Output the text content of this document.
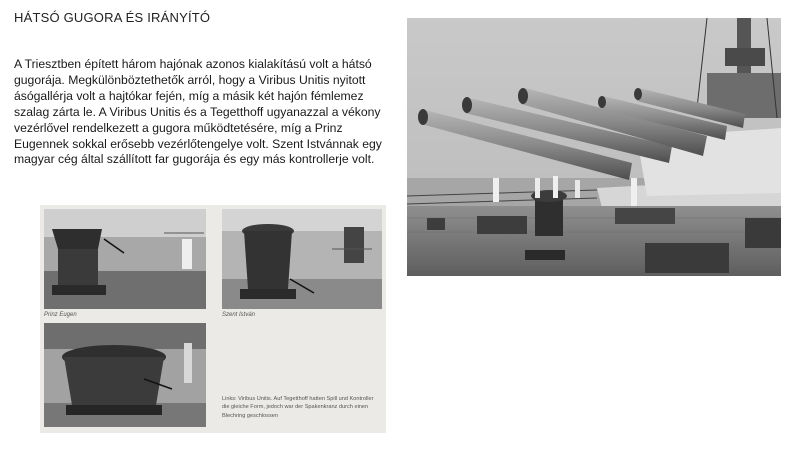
HÁTSÓ GUGORA ÉS IRÁNYÍTÓ
A Triesztben épített három hajónak azonos kialakítású volt a hátsó gugorája. Megkülönböztethetők arról, hogy a Viribus Unitis nyitott ásógallérja volt a hajtókar fején, míg a másik két hajón fémlemez szalag zárta le. A Viribus Unitis és a Tegetthoff ugyanazzal a vékony vezérlővel rendelkezett a gugora működtetésére, míg a Prinz Eugennek sokkal erősebb vezérlőtengelye volt. Szent Istvánnak egy magyar cég által szállított far gugorája és egy más kontrollerje volt.
Prinz Eugen	Szent István
Links: Viribus Unitis. Auf Tegetthoff hatten Spill und Kontroller die gleiche Form, jedoch war der Spakenkranz durch einen Blechring geschlossen
